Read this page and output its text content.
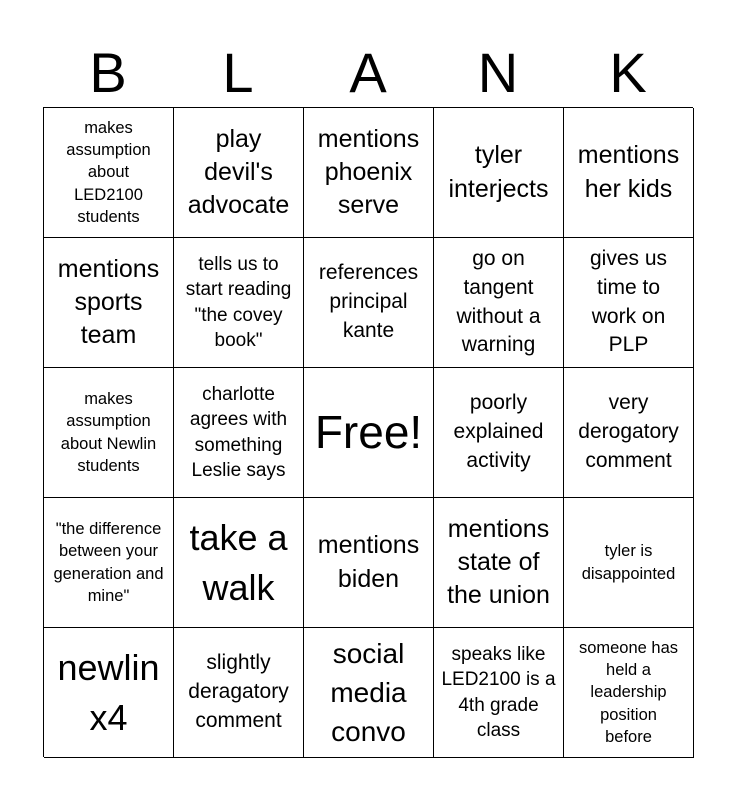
B	L	A	N	K
makes assumption about LED2100 students
play devil's advocate
mentions phoenix serve
tyler interjects
mentions her kids
mentions sports team
tells us to start reading "the covey book"
references principal kante
go on tangent without a warning
gives us time to work on PLP
makes assumption about Newlin students
charlotte agrees with something Leslie says
Free!
poorly explained activity
very derogatory comment
"the difference between your generation and mine"
take a walk
mentions biden
mentions state of the union
tyler is disappointed
newlin x4
slightly deragatory comment
social media convo
speaks like LED2100 is a 4th grade class
someone has held a leadership position before
